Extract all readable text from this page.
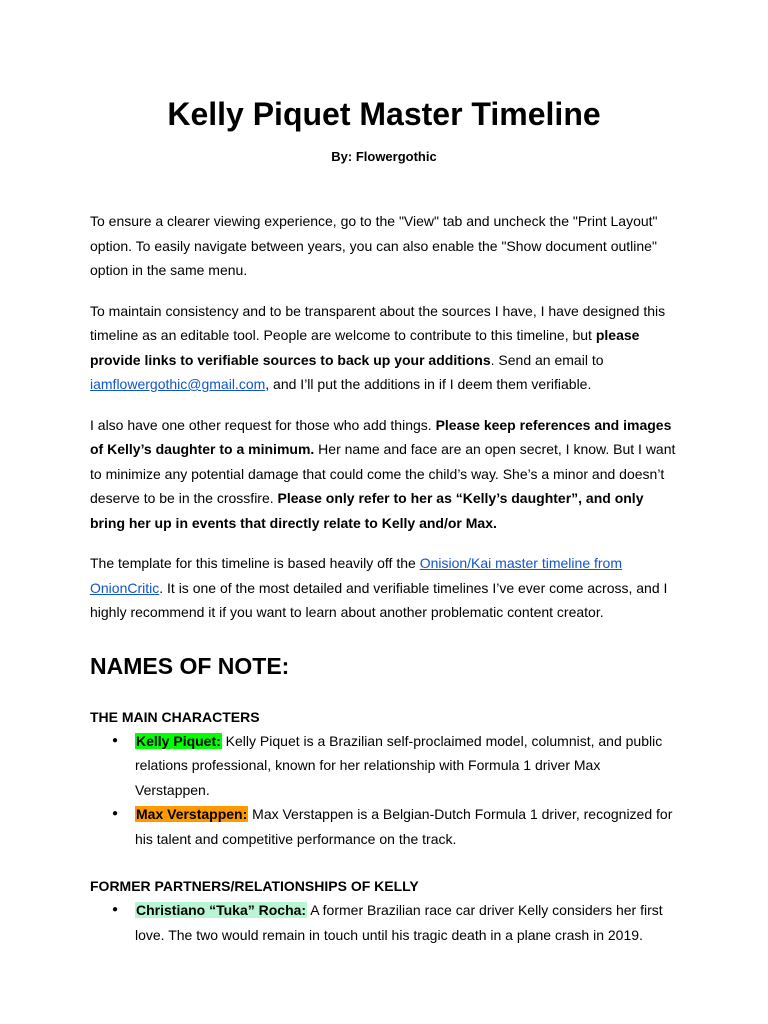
Kelly Piquet Master Timeline
By: Flowergothic

To ensure a clearer viewing experience, go to the "View" tab and uncheck the "Print Layout" option. To easily navigate between years, you can also enable the "Show document outline" option in the same menu.

To maintain consistency and to be transparent about the sources I have, I have designed this timeline as an editable tool. People are welcome to contribute to this timeline, but please provide links to verifiable sources to back up your additions. Send an email to iamflowergothic@gmail.com, and I’ll put the additions in if I deem them verifiable.

I also have one other request for those who add things. Please keep references and images of Kelly’s daughter to a minimum. Her name and face are an open secret, I know. But I want to minimize any potential damage that could come the child’s way. She’s a minor and doesn’t deserve to be in the crossfire. Please only refer to her as “Kelly’s daughter”, and only bring her up in events that directly relate to Kelly and/or Max.

The template for this timeline is based heavily off the Onision/Kai master timeline from OnionCritic. It is one of the most detailed and verifiable timelines I’ve ever come across, and I highly recommend it if you want to learn about another problematic content creator.

NAMES OF NOTE:
THE MAIN CHARACTERS
● Kelly Piquet: Kelly Piquet is a Brazilian self-proclaimed model, columnist, and public relations professional, known for her relationship with Formula 1 driver Max Verstappen.
● Max Verstappen: Max Verstappen is a Belgian-Dutch Formula 1 driver, recognized for his talent and competitive performance on the track.
FORMER PARTNERS/RELATIONSHIPS OF KELLY
● Christiano “Tuka” Rocha: A former Brazilian race car driver Kelly considers her first love. The two would remain in touch until his tragic death in a plane crash in 2019.
